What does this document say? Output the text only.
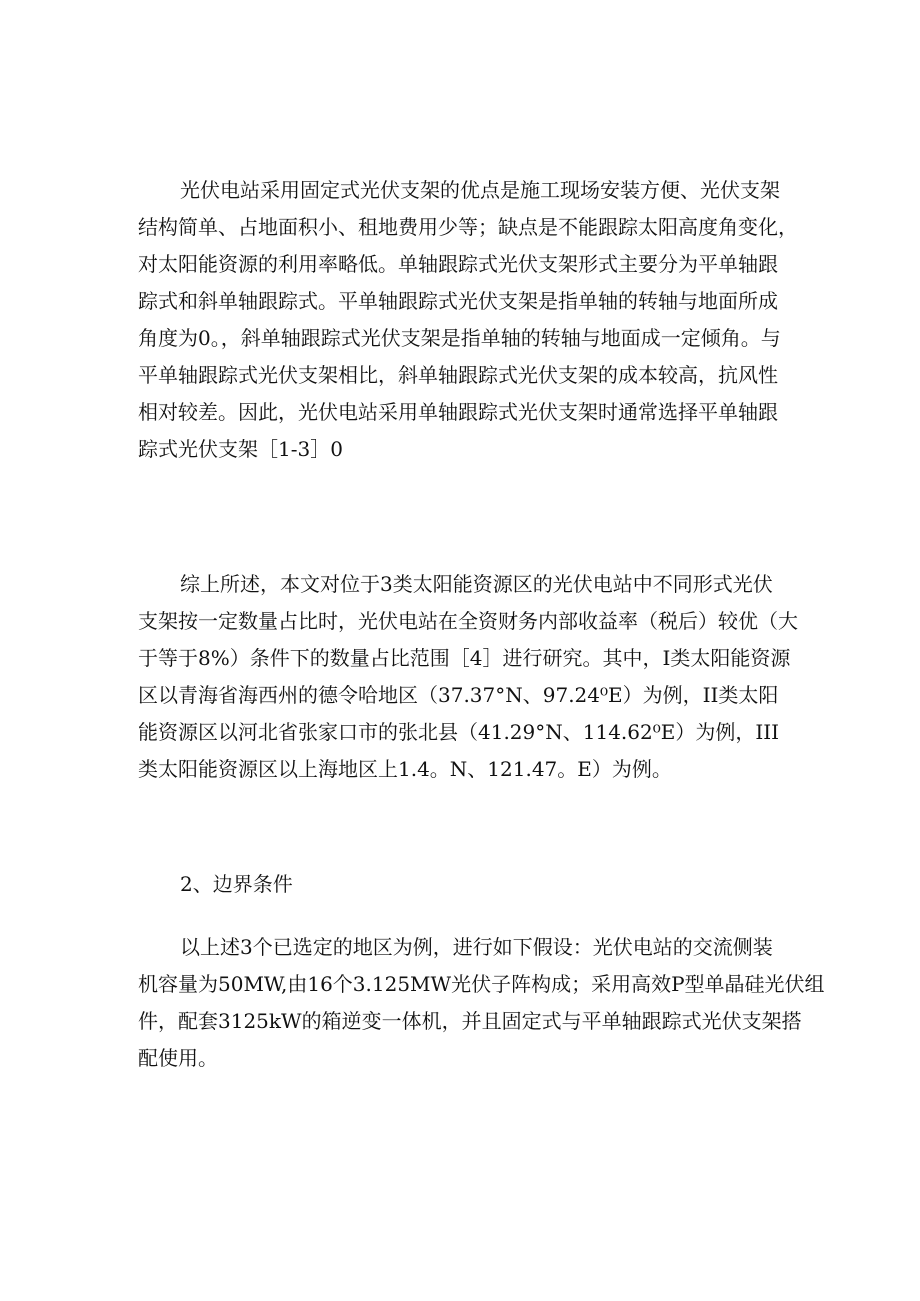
光伏电站采用固定式光伏支架的优点是施工现场安装方便、光伏支架
结构简单、占地面积小、租地费用少等；缺点是不能跟踪太阳高度角变化，
对太阳能资源的利用率略低。单轴跟踪式光伏支架形式主要分为平单轴跟
踪式和斜单轴跟踪式。平单轴跟踪式光伏支架是指单轴的转轴与地面所成
角度为0。，斜单轴跟踪式光伏支架是指单轴的转轴与地面成一定倾角。与
平单轴跟踪式光伏支架相比，斜单轴跟踪式光伏支架的成本较高，抗风性
相对较差。因此，光伏电站采用单轴跟踪式光伏支架时通常选择平单轴跟
踪式光伏支架［1-3］0
综上所述，本文对位于3类太阳能资源区的光伏电站中不同形式光伏
支架按一定数量占比时，光伏电站在全资财务内部收益率（税后）较优（大
于等于8%）条件下的数量占比范围［4］进行研究。其中，I类太阳能资源
区以青海省海西州的德令哈地区（37.37°N、97.24⁰E）为例，II类太阳
能资源区以河北省张家口市的张北县（41.29°N、114.62⁰E）为例，III
类太阳能资源区以上海地区上1.4。N、121.47。E）为例。
2、边界条件
以上述3个已选定的地区为例，进行如下假设：光伏电站的交流侧装
机容量为50MW,由16个3.125MW光伏子阵构成；采用高效P型单晶硅光伏组
件，配套3125kW的箱逆变一体机，并且固定式与平单轴跟踪式光伏支架搭
配使用。
